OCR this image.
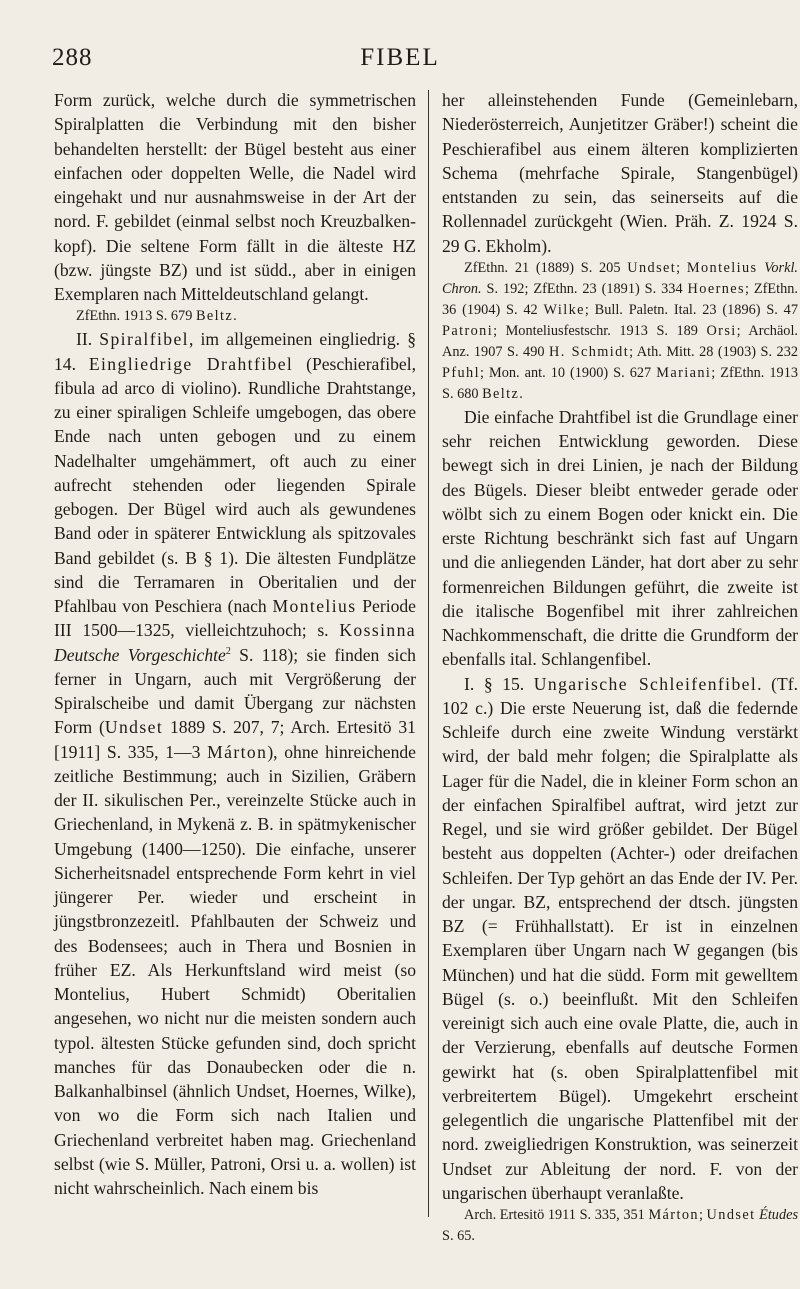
288	FIBEL

Form zurück, welche durch die symmetrischen Spiralplatten die Verbindung mit den bisher behandelten herstellt: der Bügel besteht aus einer einfachen oder doppelten Welle, die Nadel wird eingehakt und nur ausnahmsweise in der Art der nord. F. gebildet (einmal selbst noch Kreuzbalkenkopf). Die seltene Form fällt in die älteste HZ (bzw. jüngste BZ) und ist südd., aber in einigen Exemplaren nach Mitteldeutschland gelangt.

ZfEthn. 1913 S. 679 Beltz.

II. Spiralfibel, im allgemeinen eingliedrig. § 14. Eingliedrige Drahtfibel (Peschierafibel, fibula ad arco di violino). Rundliche Drahtstange, zu einer spiraligen Schleife umgebogen, das obere Ende nach unten gebogen und zu einem Nadelhalter umgehämmert, oft auch zu einer aufrecht stehenden oder liegenden Spirale gebogen. Der Bügel wird auch als gewundenes Band oder in späterer Entwicklung als spitzovales Band gebildet (s. B § 1). Die ältesten Fundplätze sind die Terramaren in Oberitalien und der Pfahlbau von Peschiera (nach Montelius Periode III 1500—1325, vielleichtzuhoch; s. Kossinna Deutsche Vorgeschichte$^2$ S. 118); sie finden sich ferner in Ungarn, auch mit Vergrößerung der Spiralscheibe und damit Übergang zur nächsten Form (Undset 1889 S. 207, 7; Arch. Ertesitö 31 [1911] S. 335, 1—3 Márton), ohne hinreichende zeitliche Bestimmung; auch in Sizilien, Gräbern der II. sikulischen Per., vereinzelte Stücke auch in Griechenland, in Mykenä z. B. in spätmykenischer Umgebung (1400—1250). Die einfache, unserer Sicherheitsnadel entsprechende Form kehrt in viel jüngerer Per. wieder und erscheint in jüngstbronzezeitl. Pfahlbauten der Schweiz und des Bodensees; auch in Thera und Bosnien in früher EZ. Als Herkunftsland wird meist (so Montelius, Hubert Schmidt) Oberitalien angesehen, wo nicht nur die meisten sondern auch typol. ältesten Stücke gefunden sind, doch spricht manches für das Donaubecken oder die n. Balkanhalbinsel (ähnlich Undset, Hoernes, Wilke), von wo die Form sich nach Italien und Griechenland verbreitet haben mag. Griechenland selbst (wie S. Müller, Patroni, Orsi u. a. wollen) ist nicht wahrscheinlich. Nach einem bis

her alleinstehenden Funde (Gemeinlebarn, Niederösterreich, Aunjetitzer Gräber!) scheint die Peschierafibel aus einem älteren komplizierten Schema (mehrfache Spirale, Stangenbügel) entstanden zu sein, das seinerseits auf die Rollennadel zurückgeht (Wien. Präh. Z. 1924 S. 29 G. Ekholm).

ZfEthn. 21 (1889) S. 205 Undset; Montelius Vorkl. Chron. S. 192; ZfEthn. 23 (1891) S. 334 Hoernes; ZfEthn. 36 (1904) S. 42 Wilke; Bull. Paletn. Ital. 23 (1896) S. 47 Patroni; Monteliusfestschr. 1913 S. 189 Orsi; Archäol. Anz. 1907 S. 490 H. Schmidt; Ath. Mitt. 28 (1903) S. 232 Pfuhl; Mon. ant. 10 (1900) S. 627 Mariani; ZfEthn. 1913 S. 680 Beltz.

Die einfache Drahtfibel ist die Grundlage einer sehr reichen Entwicklung geworden. Diese bewegt sich in drei Linien, je nach der Bildung des Bügels. Dieser bleibt entweder gerade oder wölbt sich zu einem Bogen oder knickt ein. Die erste Richtung beschränkt sich fast auf Ungarn und die anliegenden Länder, hat dort aber zu sehr formenreichen Bildungen geführt, die zweite ist die italische Bogenfibel mit ihrer zahlreichen Nachkommenschaft, die dritte die Grundform der ebenfalls ital. Schlangenfibel.

I. § 15. Ungarische Schleifenfibel. (Tf. 102 c.) Die erste Neuerung ist, daß die federnde Schleife durch eine zweite Windung verstärkt wird, der bald mehr folgen; die Spiralplatte als Lager für die Nadel, die in kleiner Form schon an der einfachen Spiralfibel auftrat, wird jetzt zur Regel, und sie wird größer gebildet. Der Bügel besteht aus doppelten (Achter-) oder dreifachen Schleifen. Der Typ gehört an das Ende der IV. Per. der ungar. BZ, entsprechend der dtsch. jüngsten BZ (= Frühhallstatt). Er ist in einzelnen Exemplaren über Ungarn nach W gegangen (bis München) und hat die südd. Form mit gewelltem Bügel (s. o.) beeinflußt. Mit den Schleifen vereinigt sich auch eine ovale Platte, die, auch in der Verzierung, ebenfalls auf deutsche Formen gewirkt hat (s. oben Spiralplattenfibel mit verbreitertem Bügel). Umgekehrt erscheint gelegentlich die ungarische Plattenfibel mit der nord. zweigliedrigen Konstruktion, was seinerzeit Undset zur Ableitung der nord. F. von der ungarischen überhaupt veranlaßte.

Arch. Ertesitö 1911 S. 335, 351 Márton; Undset Études S. 65.
